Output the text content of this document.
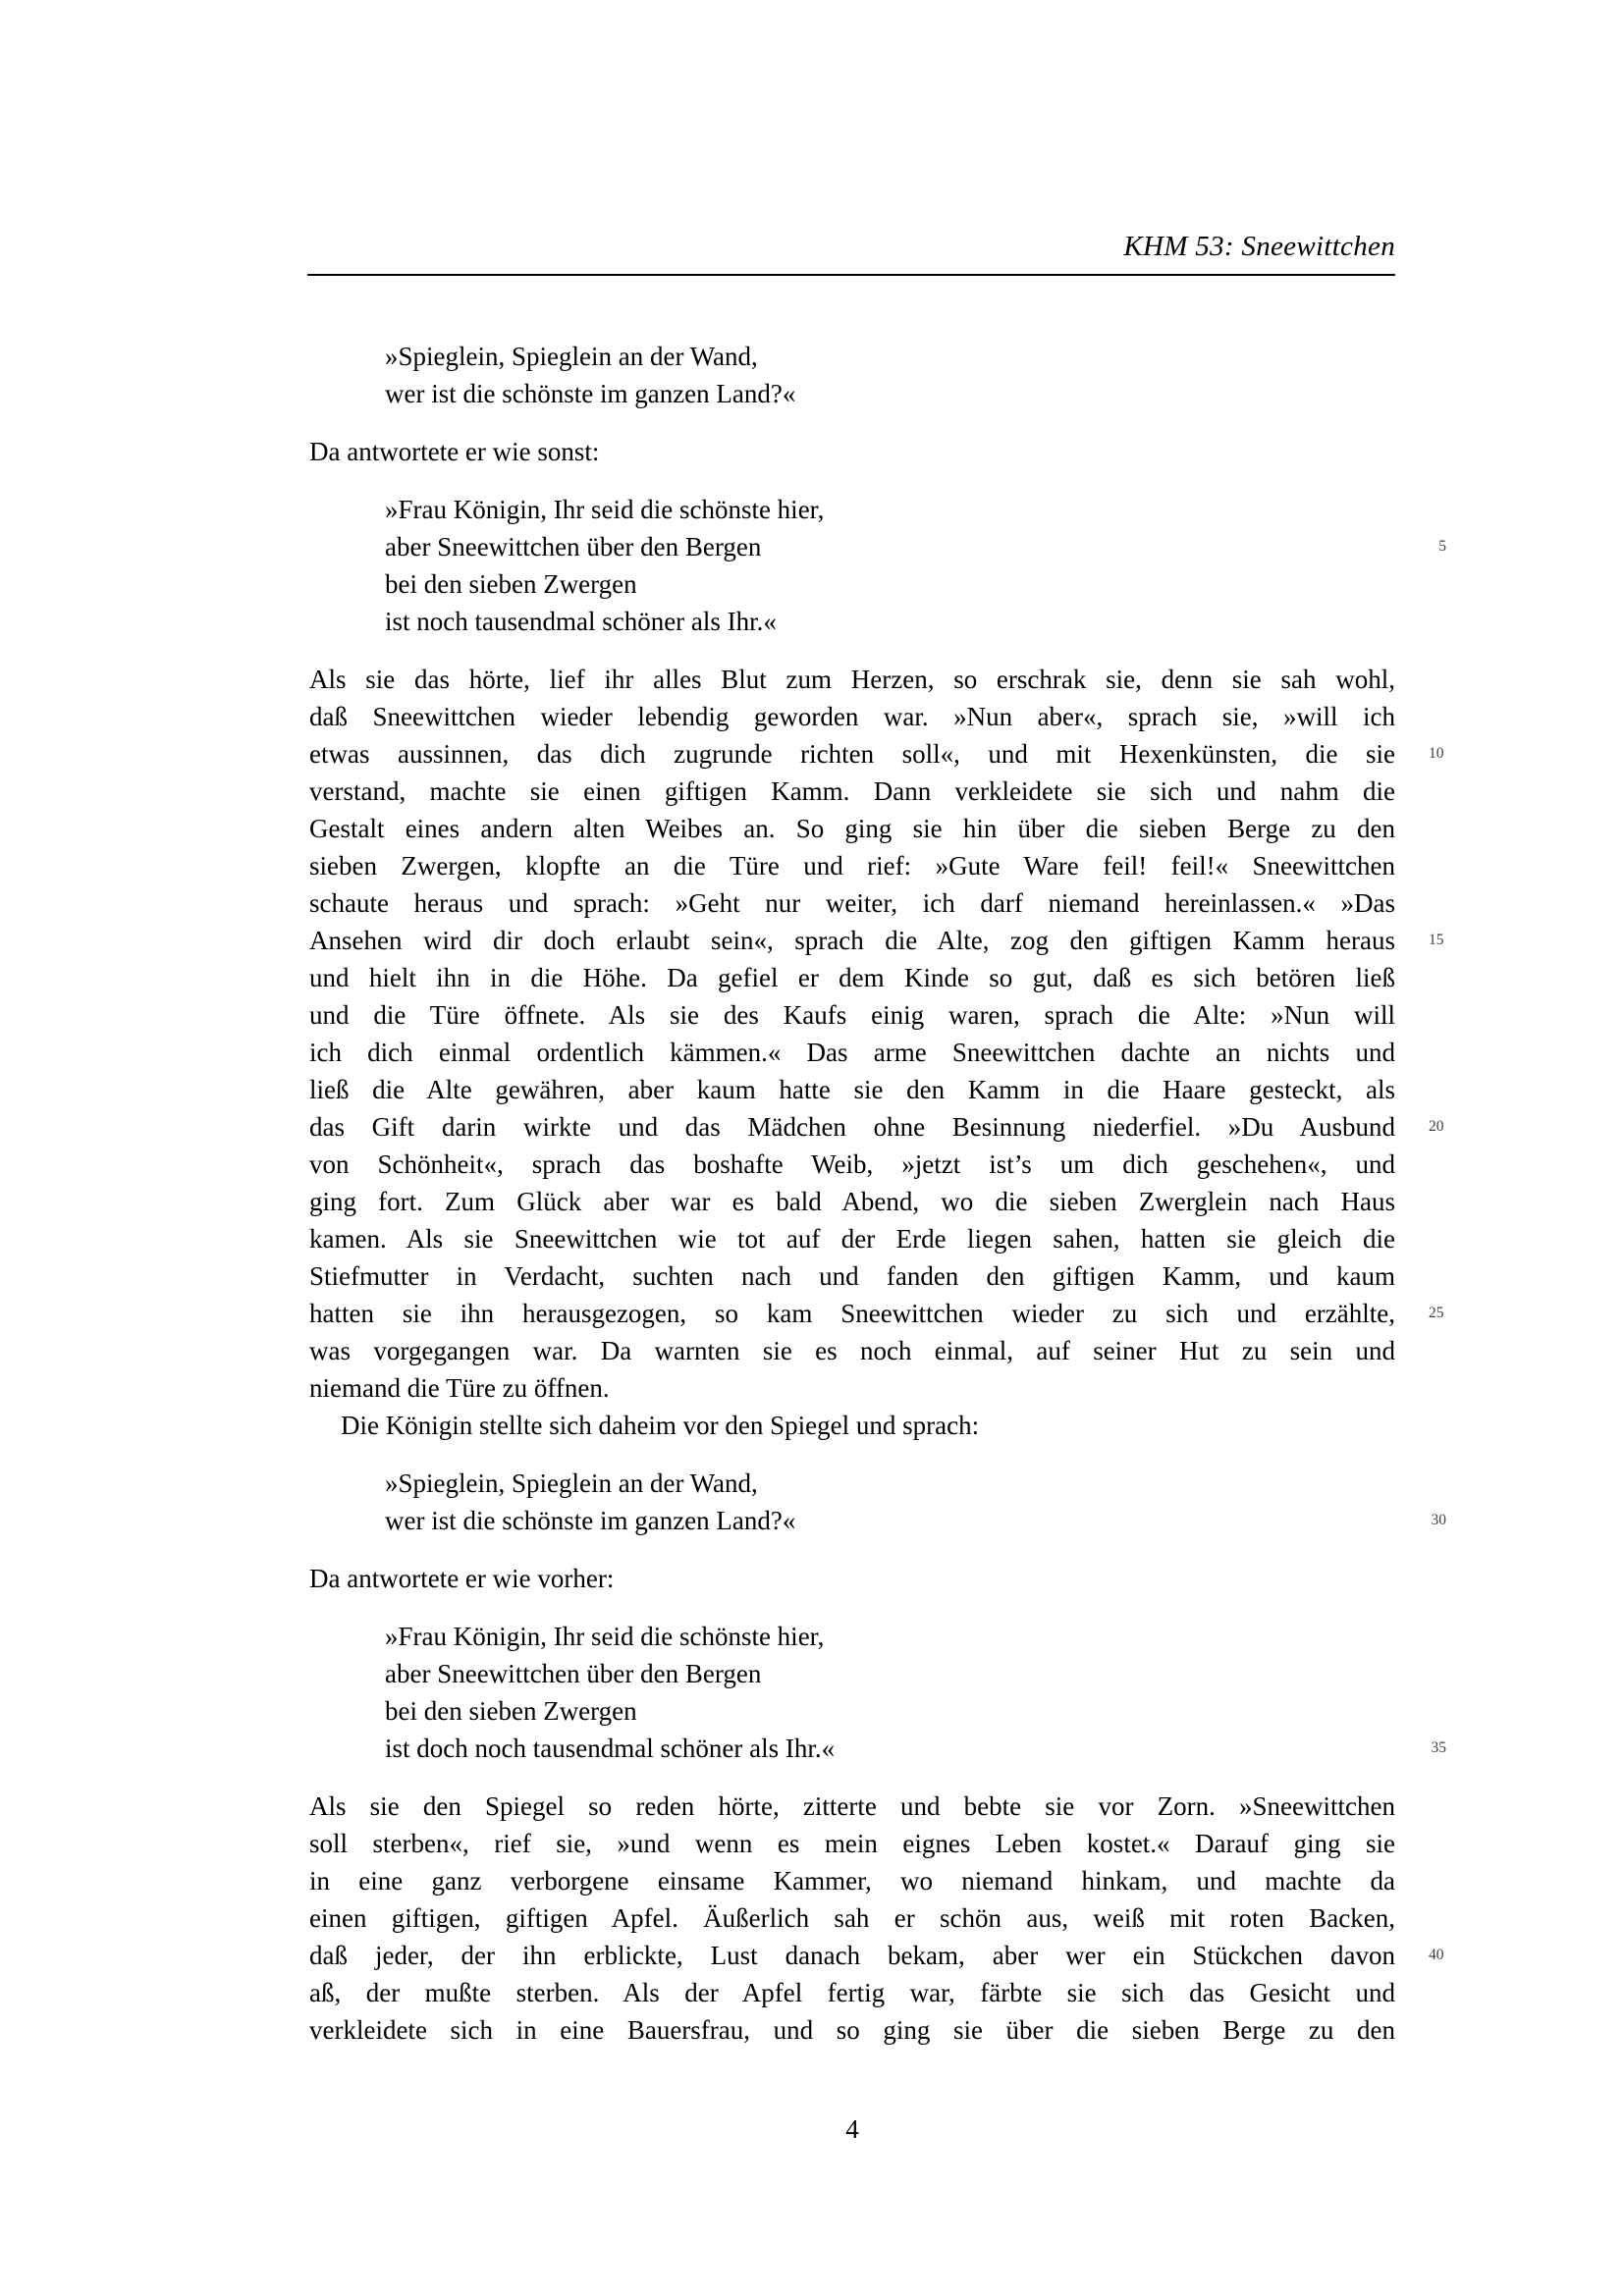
KHM 53: Sneewittchen
»Spieglein, Spieglein an der Wand,
wer ist die schönste im ganzen Land?«
Da antwortete er wie sonst:
»Frau Königin, Ihr seid die schönste hier,
aber Sneewittchen über den Bergen	5
bei den sieben Zwergen
ist noch tausendmal schöner als Ihr.«
Als sie das hörte, lief ihr alles Blut zum Herzen, so erschrak sie, denn sie sah wohl,
daß Sneewittchen wieder lebendig geworden war. »Nun aber«, sprach sie, »will ich
etwas aussinnen, das dich zugrunde richten soll«, und mit Hexenkünsten, die sie 10
verstand, machte sie einen giftigen Kamm. Dann verkleidete sie sich und nahm die
Gestalt eines andern alten Weibes an. So ging sie hin über die sieben Berge zu den
sieben Zwergen, klopfte an die Türe und rief: »Gute Ware feil! feil!« Sneewittchen
schaute heraus und sprach: »Geht nur weiter, ich darf niemand hereinlassen.« »Das
Ansehen wird dir doch erlaubt sein«, sprach die Alte, zog den giftigen Kamm heraus 15
und hielt ihn in die Höhe. Da gefiel er dem Kinde so gut, daß es sich betören ließ
und die Türe öffnete. Als sie des Kaufs einig waren, sprach die Alte: »Nun will
ich dich einmal ordentlich kämmen.« Das arme Sneewittchen dachte an nichts und
ließ die Alte gewähren, aber kaum hatte sie den Kamm in die Haare gesteckt, als
das Gift darin wirkte und das Mädchen ohne Besinnung niederfiel. »Du Ausbund 20
von Schönheit«, sprach das boshafte Weib, »jetzt ist’s um dich geschehen«, und
ging fort. Zum Glück aber war es bald Abend, wo die sieben Zwerglein nach Haus
kamen. Als sie Sneewittchen wie tot auf der Erde liegen sahen, hatten sie gleich die
Stiefmutter in Verdacht, suchten nach und fanden den giftigen Kamm, und kaum
hatten sie ihn herausgezogen, so kam Sneewittchen wieder zu sich und erzählte, 25
was vorgegangen war. Da warnten sie es noch einmal, auf seiner Hut zu sein und
niemand die Türe zu öffnen.
Die Königin stellte sich daheim vor den Spiegel und sprach:
»Spieglein, Spieglein an der Wand,
wer ist die schönste im ganzen Land?«	30
Da antwortete er wie vorher:
»Frau Königin, Ihr seid die schönste hier,
aber Sneewittchen über den Bergen
bei den sieben Zwergen
ist doch noch tausendmal schöner als Ihr.«	35
Als sie den Spiegel so reden hörte, zitterte und bebte sie vor Zorn. »Sneewittchen
soll sterben«, rief sie, »und wenn es mein eignes Leben kostet.« Darauf ging sie
in eine ganz verborgene einsame Kammer, wo niemand hinkam, und machte da
einen giftigen, giftigen Apfel. Äußerlich sah er schön aus, weiß mit roten Backen,
daß jeder, der ihn erblickte, Lust danach bekam, aber wer ein Stückchen davon 40
aß, der mußte sterben. Als der Apfel fertig war, färbte sie sich das Gesicht und
verkleidete sich in eine Bauersfrau, und so ging sie über die sieben Berge zu den
4
